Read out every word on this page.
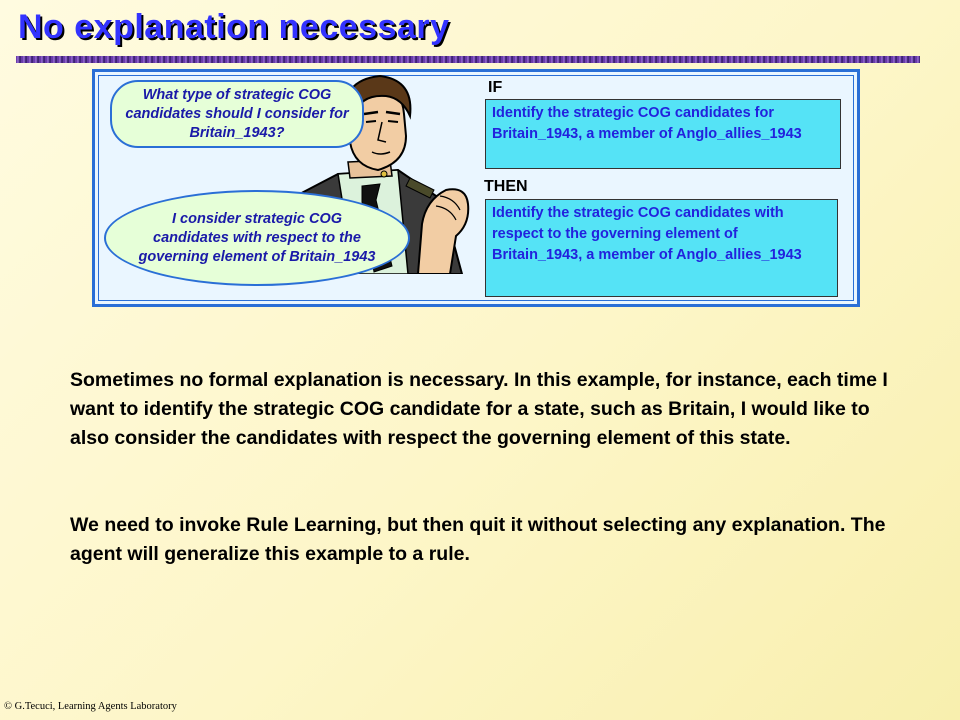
No explanation necessary
What type of strategic COG candidates should I consider for Britain_1943?
I consider strategic COG candidates with respect to the governing element of Britain_1943
IF
Identify the strategic COG candidates for Britain_1943, a member of Anglo_allies_1943
THEN
Identify the strategic COG candidates with respect to the governing element of Britain_1943, a member of Anglo_allies_1943

Sometimes no formal explanation is necessary. In this example, for instance, each time I want to identify the strategic COG candidate for a state, such as Britain, I would like to also consider the candidates with respect the governing element of this state.

We need to invoke Rule Learning, but then quit it without selecting any explanation. The agent will generalize this example to a rule.

© G.Tecuci, Learning Agents Laboratory
